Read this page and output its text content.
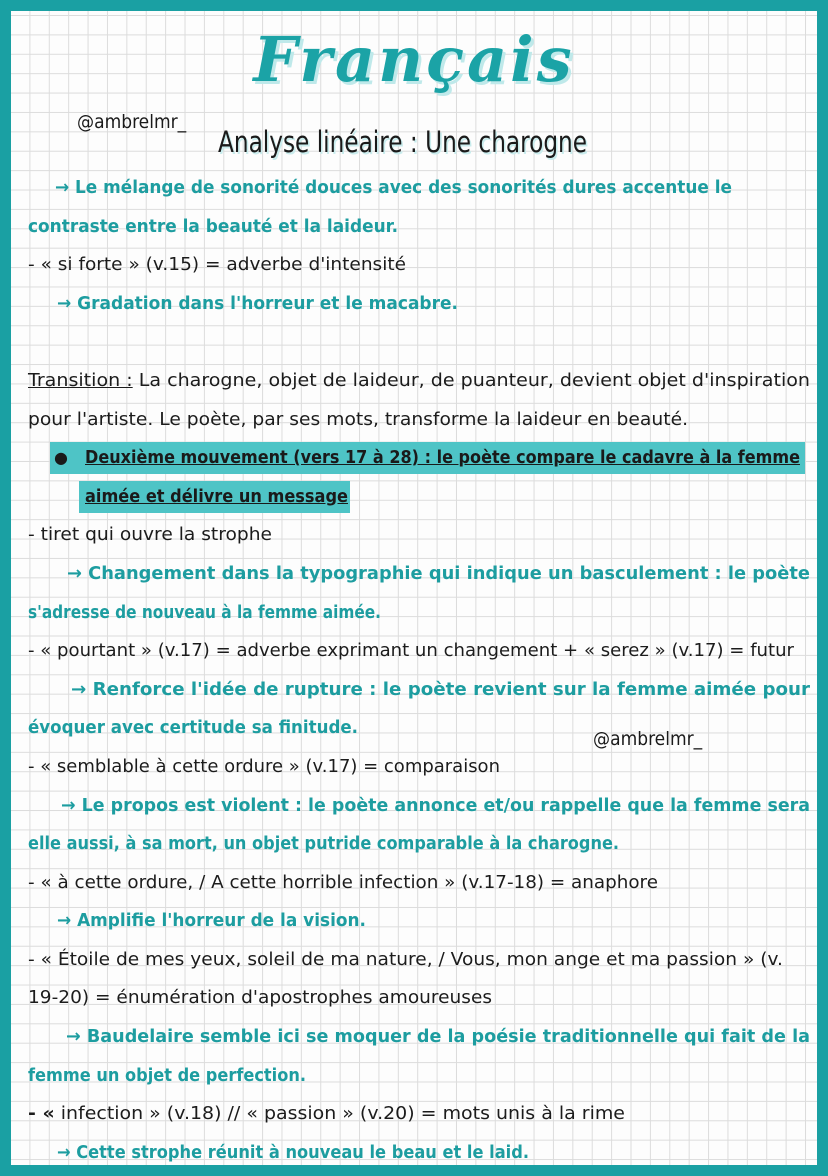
Français
@ambrelmr_
Analyse linéaire : Une charogne
→ Le mélange de sonorité douces avec des sonorités dures accentue le
contraste entre la beauté et la laideur.
- « si forte » (v.15) = adverbe d'intensité
→ Gradation dans l'horreur et le macabre.
Transition : La charogne, objet de laideur, de puanteur, devient objet d'inspiration
pour l'artiste. Le poète, par ses mots, transforme la laideur en beauté.
● Deuxième mouvement (vers 17 à 28) : le poète compare le cadavre à la femme
aimée et délivre un message
- tiret qui ouvre la strophe
→ Changement dans la typographie qui indique un basculement : le poète
s'adresse de nouveau à la femme aimée.
- « pourtant » (v.17) = adverbe exprimant un changement + « serez » (v.17) = futur
→ Renforce l'idée de rupture : le poète revient sur la femme aimée pour
évoquer avec certitude sa finitude.
- « semblable à cette ordure » (v.17) = comparaison
→ Le propos est violent : le poète annonce et/ou rappelle que la femme sera
elle aussi, à sa mort, un objet putride comparable à la charogne.
- « à cette ordure, / A cette horrible infection » (v.17-18) = anaphore
→ Amplifie l'horreur de la vision.
- « Étoile de mes yeux, soleil de ma nature, / Vous, mon ange et ma passion » (v.
19-20) = énumération d'apostrophes amoureuses
→ Baudelaire semble ici se moquer de la poésie traditionnelle qui fait de la
femme un objet de perfection.
- « infection » (v.18) // « passion » (v.20) = mots unis à la rime
→ Cette strophe réunit à nouveau le beau et le laid.
@ambrelmr_
